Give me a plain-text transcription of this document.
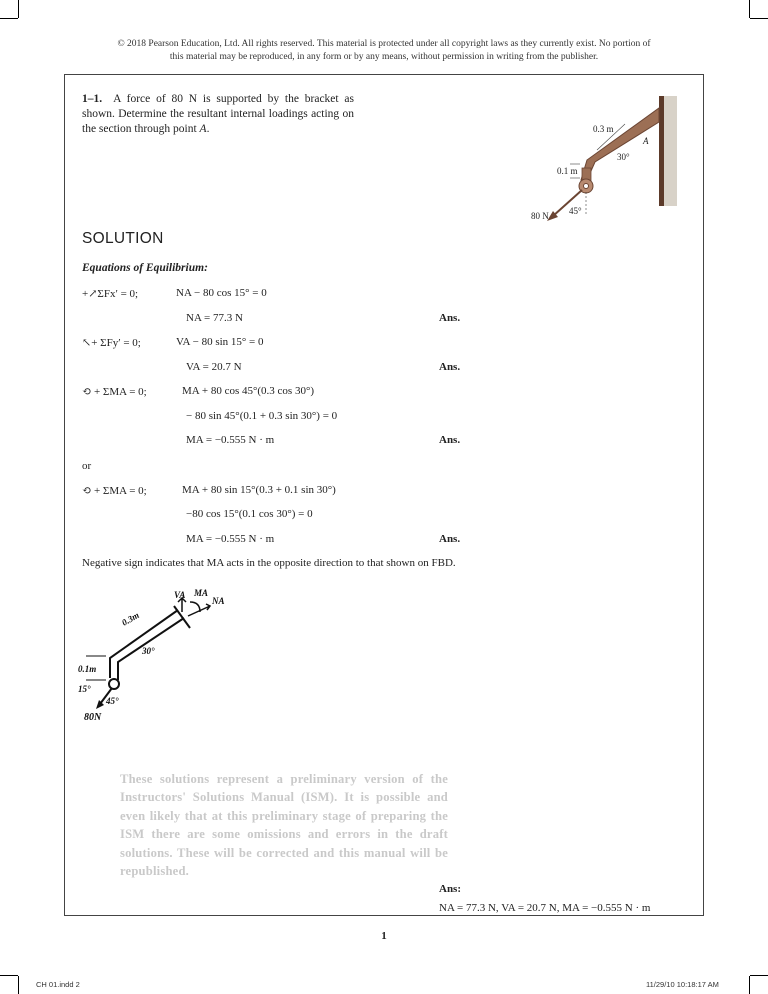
© 2018 Pearson Education, Ltd. All rights reserved. This material is protected under all copyright laws as they currently exist. No portion of
this material may be reproduced, in any form or by any means, without permission in writing from the publisher.
1–1. A force of 80 N is supported by the bracket as shown. Determine the resultant internal loadings acting on the section through point A.	0.3 m
A
30°
0.1 m
45°
80 N
SOLUTION
Equations of Equilibrium:
+↗ΣFx′ = 0;	NA − 80 cos 15° = 0
NA = 77.3 N	Ans.
↖+ ΣFy′ = 0;	VA − 80 sin 15° = 0
VA = 20.7 N	Ans.
⟲ + ΣMA = 0;	MA + 80 cos 45°(0.3 cos 30°)
− 80 sin 45°(0.1 + 0.3 sin 30°) = 0
MA = −0.555 N · m	Ans.
or
⟲ + ΣMA = 0;	MA + 80 sin 15°(0.3 + 0.1 sin 30°)
−80 cos 15°(0.1 cos 30°) = 0
MA = −0.555 N · m	Ans.
Negative sign indicates that MA acts in the opposite direction to that shown on FBD.
VA MA
NA
0.3m
30°
0.1m
15°
45°
80N
These solutions represent a preliminary version of the Instructors' Solutions Manual (ISM). It is possible and even likely that at this preliminary stage of preparing the ISM there are some omissions and errors in the draft solutions. These will be corrected and this manual will be republished.
Ans:
NA = 77.3 N, VA = 20.7 N, MA = −0.555 N · m
1
CH 01.indd 2	11/29/10 10:18:17 AM
